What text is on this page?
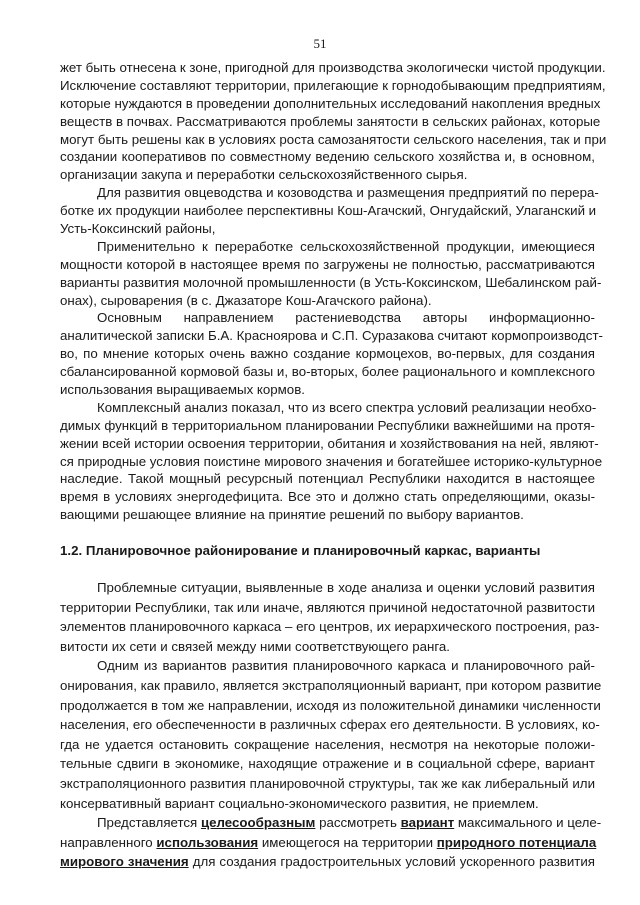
51
жет быть отнесена к зоне, пригодной для производства экологически чистой продукции.
Исключение составляют территории, прилегающие к горнодобывающим предприятиям,
которые нуждаются в проведении дополнительных исследований накопления вредных
веществ в почвах. Рассматриваются проблемы занятости в сельских районах, которые
могут быть решены как в условиях роста самозанятости сельского населения, так и при
создании кооперативов по совместному ведению сельского хозяйства и, в основном,
организации закупа и переработки сельскохозяйственного сырья.
Для развития овцеводства и козоводства и размещения предприятий по перера-
ботке их продукции наиболее перспективны Кош-Агачский, Онгудайский, Улаганский и
Усть-Коксинский районы,
Применительно к переработке сельскохозяйственной продукции, имеющиеся
мощности которой в настоящее время по загружены не полностью, рассматриваются
варианты развития молочной промышленности (в Усть-Коксинском, Шебалинском рай-
онах), сыроварения (в с. Джазаторе Кош-Агачского района).
Основным направлением растениеводства авторы информационно-
аналитической записки Б.А. Красноярова и С.П. Суразакова считают кормопроизводст-
во, по мнение которых очень важно создание кормоцехов, во-первых, для создания
сбалансированной кормовой базы и, во-вторых, более рационального и комплексного
использования выращиваемых кормов.
Комплексный анализ показал, что из всего спектра условий реализации необхо-
димых функций в территориальном планировании Республики важнейшими на протя-
жении всей истории освоения территории, обитания и хозяйствования на ней, являют-
ся природные условия поистине мирового значения и богатейшее историко-культурное
наследие. Такой мощный ресурсный потенциал Республики находится в настоящее
время в условиях энергодефицита. Все это и должно стать определяющими, оказы-
вающими решающее влияние на принятие решений по выбору вариантов.
1.2. Планировочное районирование и планировочный каркас, варианты
Проблемные ситуации, выявленные в ходе анализа и оценки условий развития
территории Республики, так или иначе, являются причиной недостаточной развитости
элементов планировочного каркаса – его центров, их иерархического построения, раз-
витости их сети и связей между ними соответствующего ранга.
Одним из вариантов развития планировочного каркаса и планировочного рай-
онирования, как правило, является экстраполяционный вариант, при котором развитие
продолжается в том же направлении, исходя из положительной динамики численности
населения, его обеспеченности в различных сферах его деятельности. В условиях, ко-
гда не удается остановить сокращение населения, несмотря на некоторые положи-
тельные сдвиги в экономике, находящие отражение и в социальной сфере, вариант
экстраполяционного развития планировочной структуры, так же как либеральный или
консервативный вариант социально-экономического развития, не приемлем.
Представляется целесообразным рассмотреть вариант максимального и целе-
направленного использования имеющегося на территории природного потенциала
мирового значения для создания градостроительных условий ускоренного развития
